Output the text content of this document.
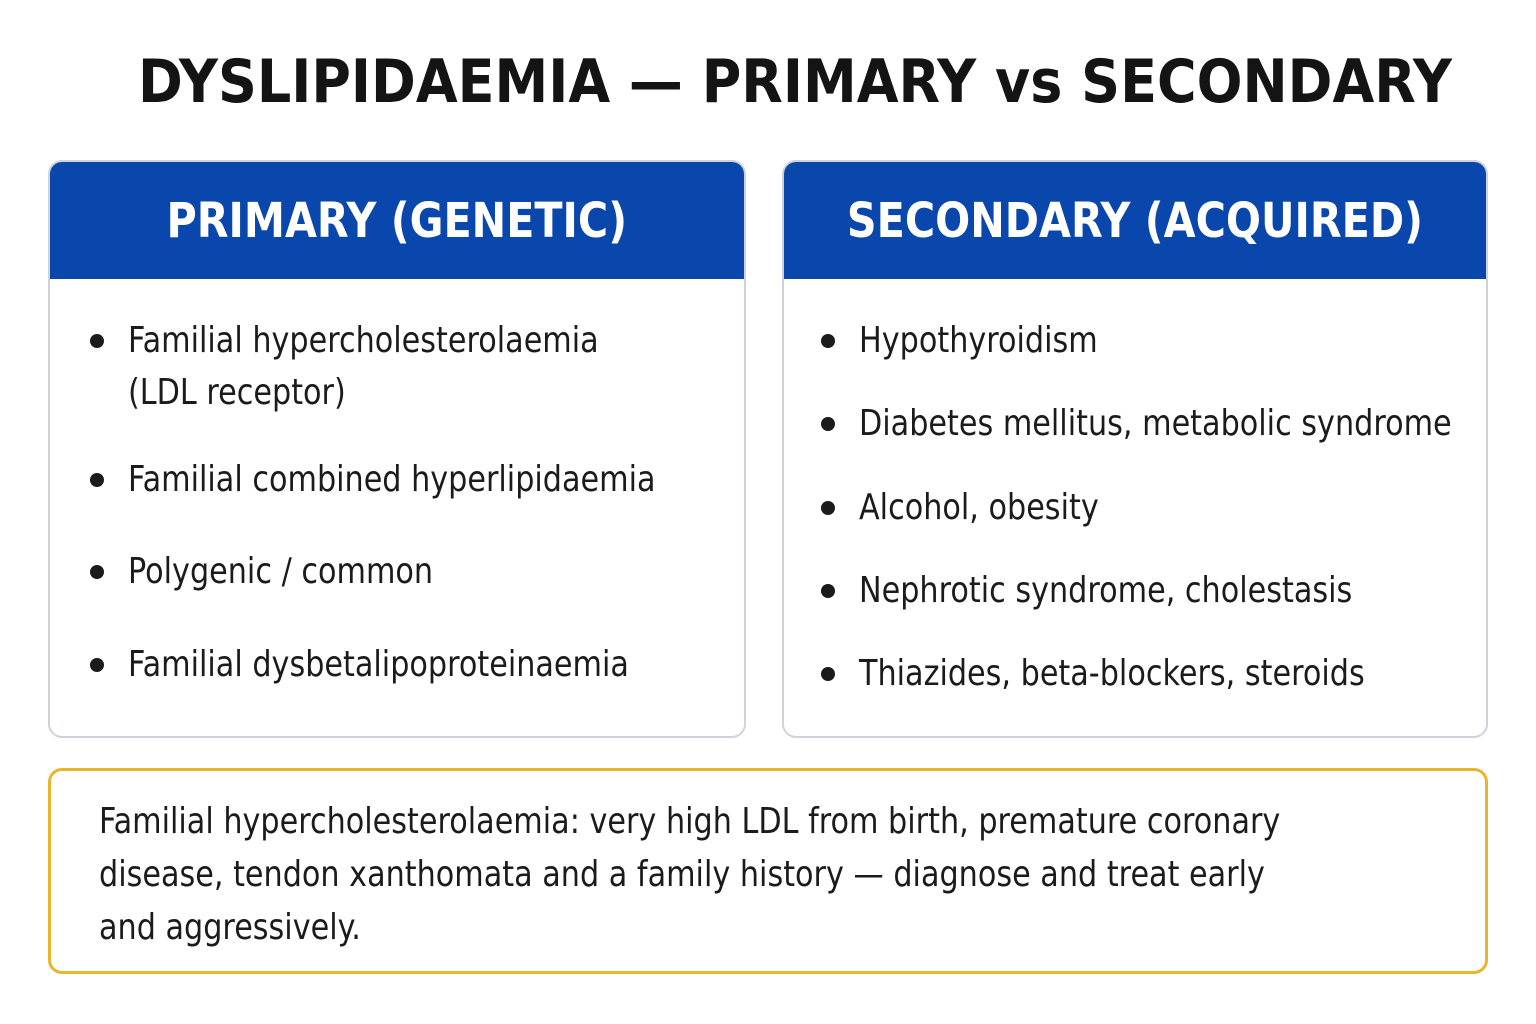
DYSLIPIDAEMIA — PRIMARY vs SECONDARY
PRIMARY (GENETIC)
Familial hypercholesterolaemia
(LDL receptor)
Familial combined hyperlipidaemia
Polygenic / common
Familial dysbetalipoproteinaemia
SECONDARY (ACQUIRED)
Hypothyroidism
Diabetes mellitus, metabolic syndrome
Alcohol, obesity
Nephrotic syndrome, cholestasis
Thiazides, beta-blockers, steroids
Familial hypercholesterolaemia: very high LDL from birth, premature coronary
disease, tendon xanthomata and a family history — diagnose and treat early
and aggressively.
